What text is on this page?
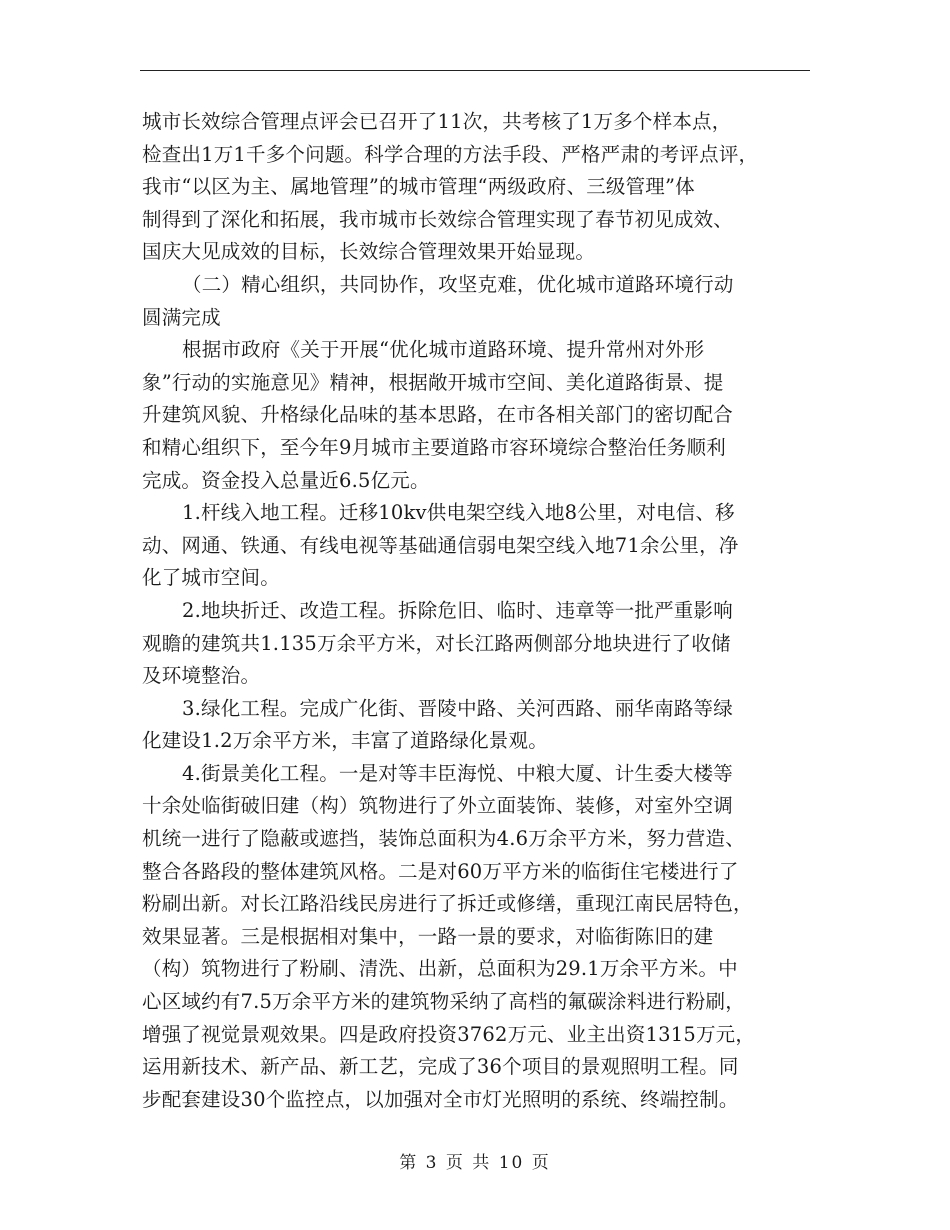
城市长效综合管理点评会已召开了11次，共考核了1万多个样本点，
检查出1万1千多个问题。科学合理的方法手段、严格严肃的考评点评，
我市“以区为主、属地管理”的城市管理“两级政府、三级管理”体
制得到了深化和拓展，我市城市长效综合管理实现了春节初见成效、
国庆大见成效的目标，长效综合管理效果开始显现。
（二）精心组织，共同协作，攻坚克难，优化城市道路环境行动
圆满完成
根据市政府《关于开展“优化城市道路环境、提升常州对外形
象”行动的实施意见》精神，根据敞开城市空间、美化道路街景、提
升建筑风貌、升格绿化品味的基本思路，在市各相关部门的密切配合
和精心组织下，至今年9月城市主要道路市容环境综合整治任务顺利
完成。资金投入总量近6.5亿元。
1.杆线入地工程。迁移10kv供电架空线入地8公里，对电信、移
动、网通、铁通、有线电视等基础通信弱电架空线入地71余公里，净
化了城市空间。
2.地块折迁、改造工程。拆除危旧、临时、违章等一批严重影响
观瞻的建筑共1.135万余平方米，对长江路两侧部分地块进行了收储
及环境整治。
3.绿化工程。完成广化街、晋陵中路、关河西路、丽华南路等绿
化建设1.2万余平方米，丰富了道路绿化景观。
4.街景美化工程。一是对等丰臣海悦、中粮大厦、计生委大楼等
十余处临街破旧建（构）筑物进行了外立面装饰、装修，对室外空调
机统一进行了隐蔽或遮挡，装饰总面积为4.6万余平方米，努力营造、
整合各路段的整体建筑风格。二是对60万平方米的临街住宅楼进行了
粉刷出新。对长江路沿线民房进行了拆迁或修缮，重现江南民居特色，
效果显著。三是根据相对集中，一路一景的要求，对临街陈旧的建
（构）筑物进行了粉刷、清洗、出新，总面积为29.1万余平方米。中
心区域约有7.5万余平方米的建筑物采纳了高档的氟碳涂料进行粉刷，
增强了视觉景观效果。四是政府投资3762万元、业主出资1315万元，
运用新技术、新产品、新工艺，完成了36个项目的景观照明工程。同
步配套建设30个监控点，以加强对全市灯光照明的系统、终端控制。
第 3 页 共 10 页
